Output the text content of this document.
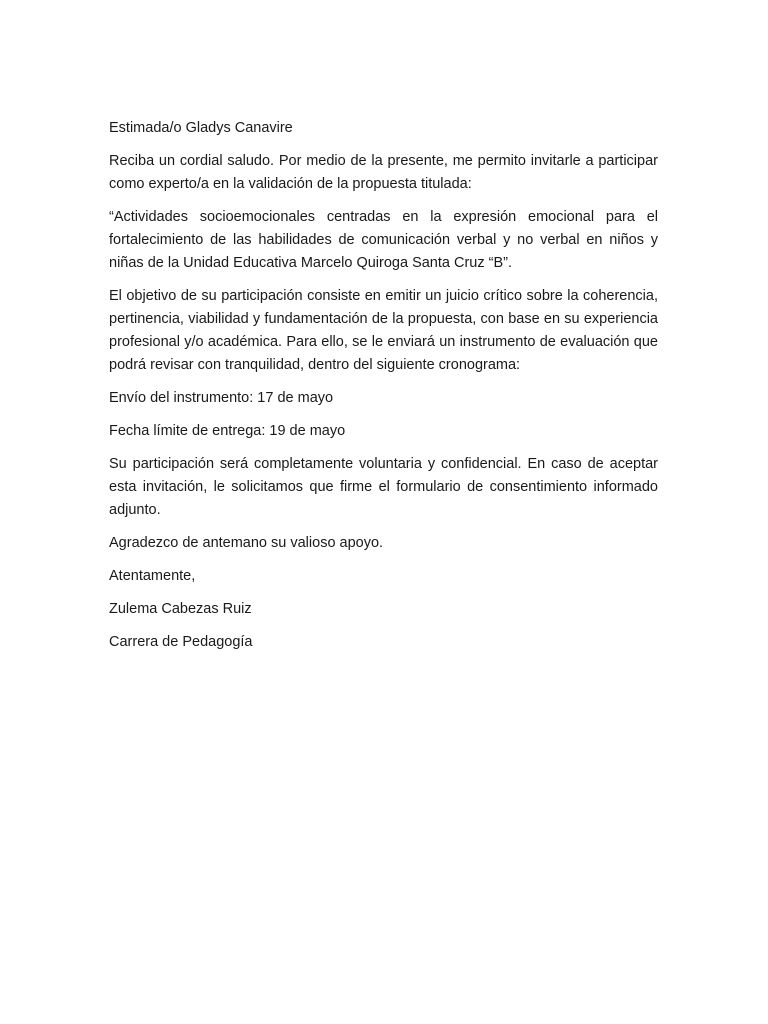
Estimada/o Gladys Canavire

Reciba un cordial saludo. Por medio de la presente, me permito invitarle a participar como experto/a en la validación de la propuesta titulada:

“Actividades socioemocionales centradas en la expresión emocional para el fortalecimiento de las habilidades de comunicación verbal y no verbal en niños y niñas de la Unidad Educativa Marcelo Quiroga Santa Cruz “B”.

El objetivo de su participación consiste en emitir un juicio crítico sobre la coherencia, pertinencia, viabilidad y fundamentación de la propuesta, con base en su experiencia profesional y/o académica. Para ello, se le enviará un instrumento de evaluación que podrá revisar con tranquilidad, dentro del siguiente cronograma:

Envío del instrumento: 17 de mayo

Fecha límite de entrega: 19 de mayo

Su participación será completamente voluntaria y confidencial. En caso de aceptar esta invitación, le solicitamos que firme el formulario de consentimiento informado adjunto.

Agradezco de antemano su valioso apoyo.

Atentamente,

Zulema Cabezas Ruiz

Carrera de Pedagogía
